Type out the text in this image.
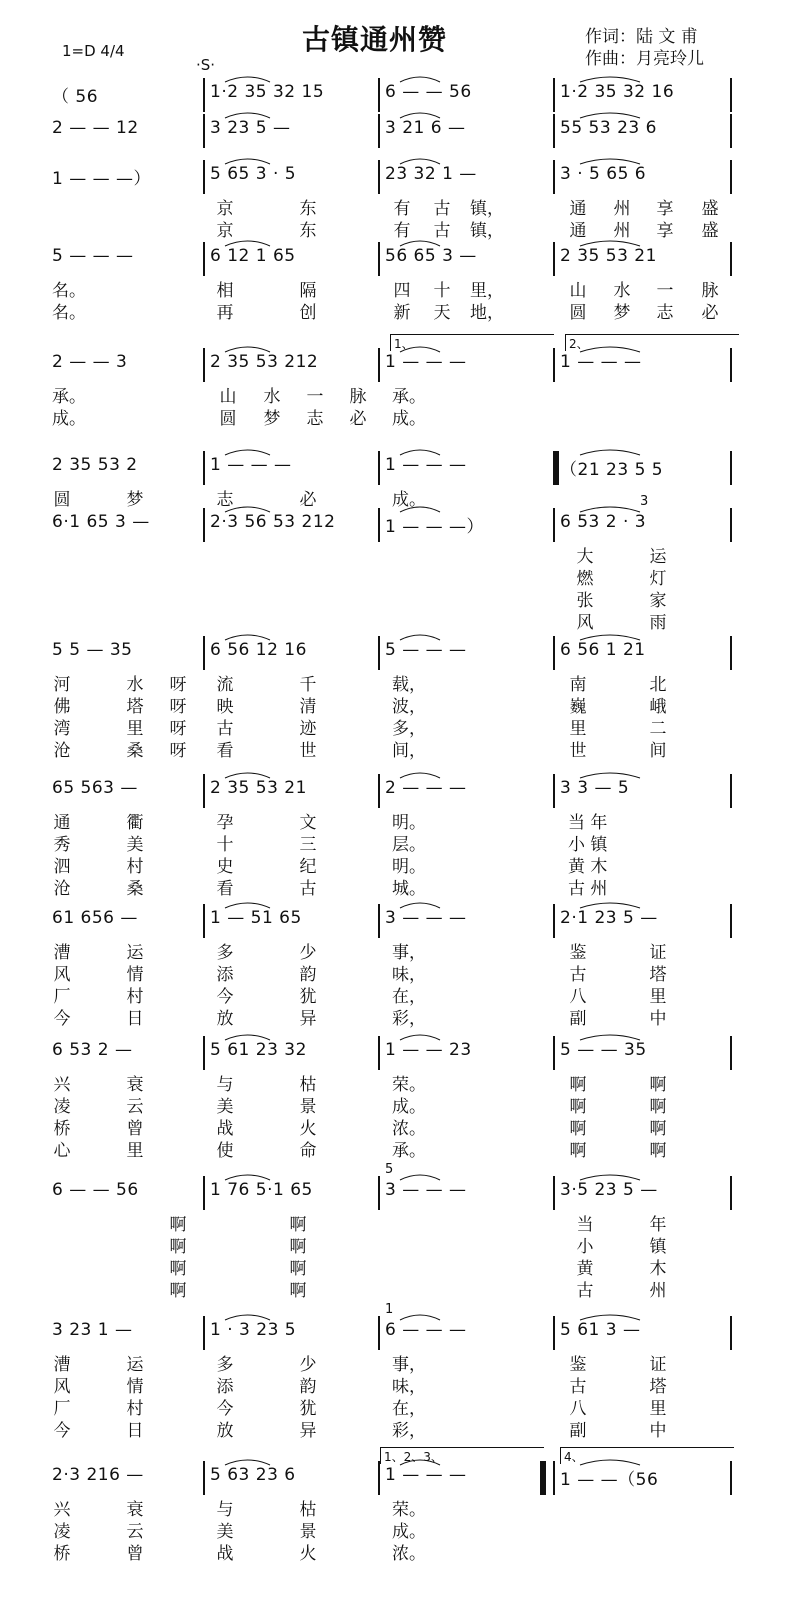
1=D 4/4	古镇通州赞	作词：陆 文 甫
作曲：月亮玲儿
·S·
（ 56	1·2 35 32 15	6 — — 56	1·2 35 32 16
2 — — 12	3 23 5 —	3 21 6 —	55 53 23 6
1 — — —）	5 65 3 · 5	23 32 1 —	3 · 5 65 6
京	东	有 古 镇，	通 州 享 盛
京	东	有 古 镇，	通 州 享 盛
5 — — —	6 12 1 65	56 65 3 —	2 35 53 21
名。	相	隔	四 十 里，	山 水 一 脉
名。	再	创	新 天 地，	圆 梦 志 必
2 — — 3	2 35 53 212	1 — — —	1 — — —
1、	2、
承。	山 水 一 脉 承。
成。	圆 梦 志 必 成。
2 35 53 2	1 — — —	1 — — —	（21 23 5 5
圆	梦	志	必	成。
6·1 65 3 —	2·3 56 53 212	1 — — —）	6 53 2 · 3
3
大	运
燃	灯
张	家
风	雨
5 5 — 35	6 56 12 16	5 — — —	6 56 1 21
河	水 呀 流	千	载，	南	北
佛	塔 呀 映	清	波，	巍	峨
湾	里 呀 古	迹	多，	里	二
沧	桑 呀 看	世	间，	世	间
65 563 —	2 35 53 21	2 — — —	3 3 — 5
通	衢	孕	文	明。	当 年
秀	美	十	三	层。	小 镇
泗	村	史	纪	明。	黄 木
沧	桑	看	古	城。	古 州
61 656 —	1 — 51 65	3 — — —	2·1 23 5 —
漕	运	多	少	事，	鉴	证
风	情	添	韵	味，	古	塔
厂	村	今	犹	在，	八	里
今	日	放	异	彩，	副	中
6 53 2 —	5 61 23 32	1 — — 23	5 — — 35
兴	衰	与	枯	荣。	啊	啊
凌	云	美	景	成。	啊	啊
桥	曾	战	火	浓。	啊	啊
心	里	使	命	承。	啊	啊
6 — — 56	1 76 5·1 65	3 — — —	3·5 23 5 —
5
啊	啊	当	年
啊	啊	小	镇
啊	啊	黄	木
啊	啊	古	州
3 23 1 —	1 · 3 23 5	6 — — —	5 61 3 —
1
漕	运	多	少	事，	鉴	证
风	情	添	韵	味，	古	塔
厂	村	今	犹	在，	八	里
今	日	放	异	彩，	副	中
2·3 216 —	5 63 23 6	1 — — —	1 — —（56
1、2、3、	4、
兴	衰	与	枯	荣。
凌	云	美	景	成。
桥	曾	战	火	浓。
